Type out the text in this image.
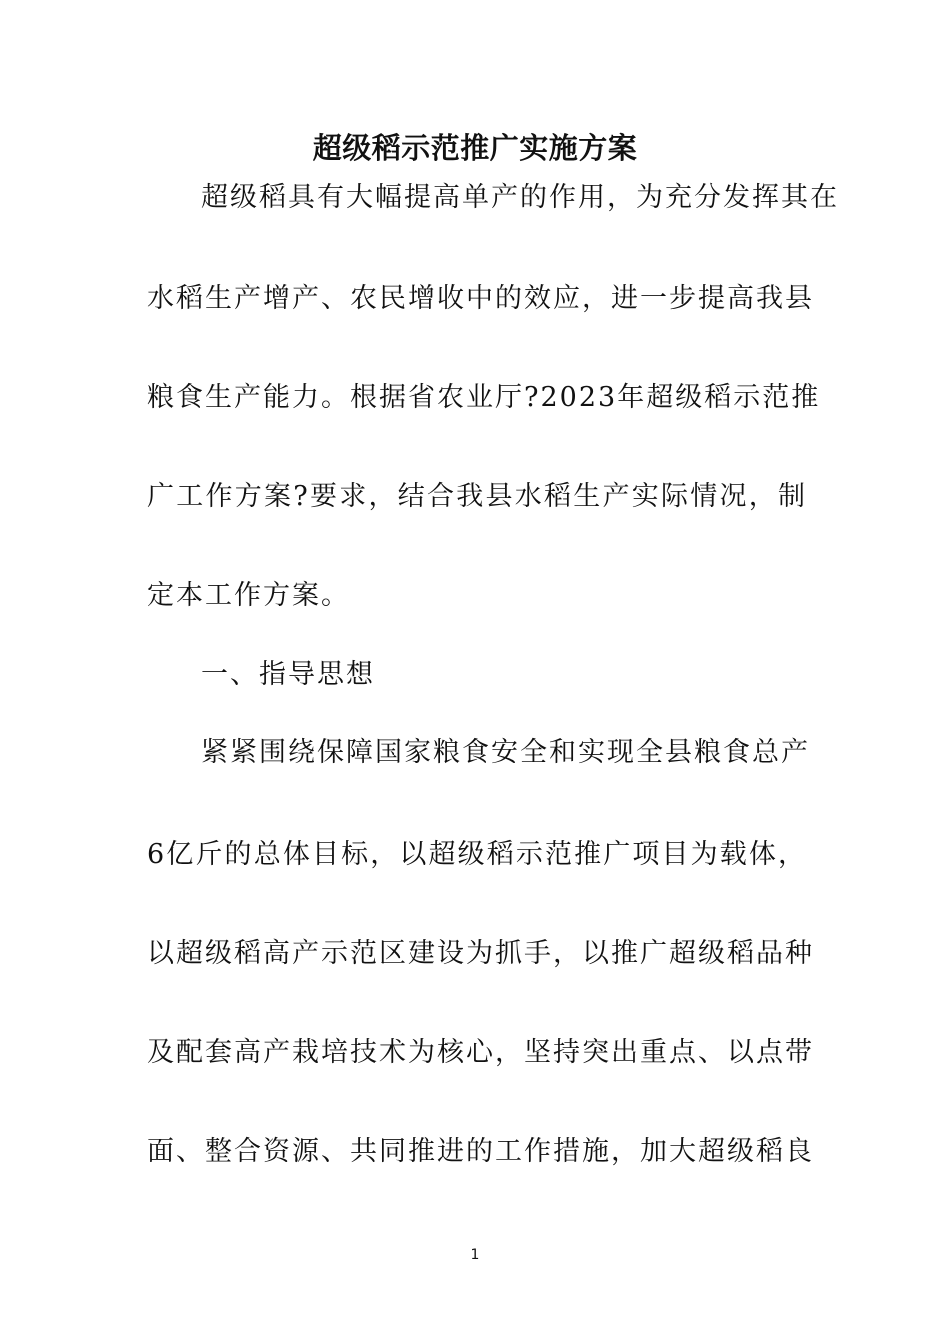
超级稻示范推广实施方案
超级稻具有大幅提高单产的作用，为充分发挥其在
水稻生产增产、农民增收中的效应，进一步提高我县
粮食生产能力。根据省农业厅?2023年超级稻示范推
广工作方案?要求，结合我县水稻生产实际情况，制
定本工作方案。
一、指导思想
紧紧围绕保障国家粮食安全和实现全县粮食总产
6亿斤的总体目标，以超级稻示范推广项目为载体，
以超级稻高产示范区建设为抓手，以推广超级稻品种
及配套高产栽培技术为核心，坚持突出重点、以点带
面、整合资源、共同推进的工作措施，加大超级稻良
1
